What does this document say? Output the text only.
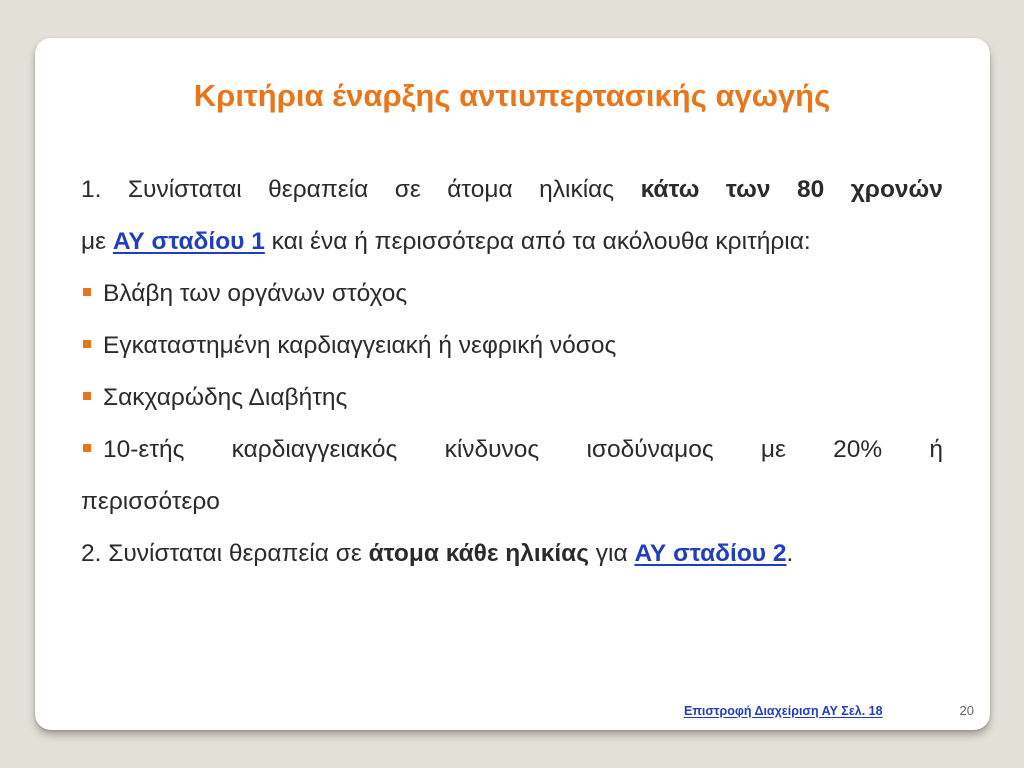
Κριτήρια έναρξης αντιυπερτασικής αγωγής
1. Συνίσταται θεραπεία σε άτομα ηλικίας κάτω των 80 χρονών
με ΑΥ σταδίου 1 και ένα ή περισσότερα από τα ακόλουθα κριτήρια:
Βλάβη των οργάνων στόχος
Εγκαταστημένη καρδιαγγειακή ή νεφρική νόσος
Σακχαρώδης Διαβήτης
10-ετής καρδιαγγειακός κίνδυνος ισοδύναμος με 20% ή
περισσότερο
2. Συνίσταται θεραπεία σε άτομα κάθε ηλικίας για ΑΥ σταδίου 2.
Επιστροφή Διαχείριση ΑΥ Σελ. 18	20
